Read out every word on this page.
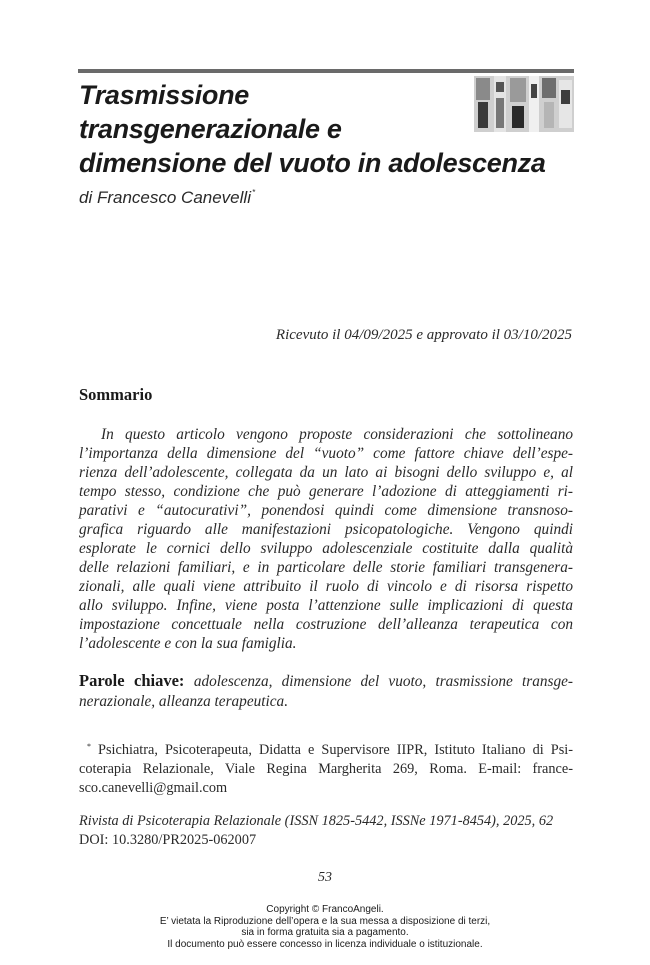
Trasmissione
transgenerazionale e
dimensione del vuoto in adolescenza
di Francesco Canevelli*
Ricevuto il 04/09/2025 e approvato il 03/10/2025
Sommario
In questo articolo vengono proposte considerazioni che sottolineano
l’importanza della dimensione del “vuoto” come fattore chiave dell’espe-
rienza dell’adolescente, collegata da un lato ai bisogni dello sviluppo e, al
tempo stesso, condizione che può generare l’adozione di atteggiamenti ri-
parativi e “autocurativi”, ponendosi quindi come dimensione transnoso-
grafica riguardo alle manifestazioni psicopatologiche. Vengono quindi
esplorate le cornici dello sviluppo adolescenziale costituite dalla qualità
delle relazioni familiari, e in particolare delle storie familiari transgenera-
zionali, alle quali viene attribuito il ruolo di vincolo e di risorsa rispetto
allo sviluppo. Infine, viene posta l’attenzione sulle implicazioni di questa
impostazione concettuale nella costruzione dell’alleanza terapeutica con
l’adolescente e con la sua famiglia.
Parole chiave: adolescenza, dimensione del vuoto, trasmissione transge-
nerazionale, alleanza terapeutica.
* Psichiatra, Psicoterapeuta, Didatta e Supervisore IIPR, Istituto Italiano di Psi-
coterapia Relazionale, Viale Regina Margherita 269, Roma. E-mail: france-
sco.canevelli@gmail.com
Rivista di Psicoterapia Relazionale (ISSN 1825-5442, ISSNe 1971-8454), 2025, 62
DOI: 10.3280/PR2025-062007
53
Copyright © FrancoAngeli.
E’ vietata la Riproduzione dell’opera e la sua messa a disposizione di terzi,
sia in forma gratuita sia a pagamento.
Il documento può essere concesso in licenza individuale o istituzionale.
